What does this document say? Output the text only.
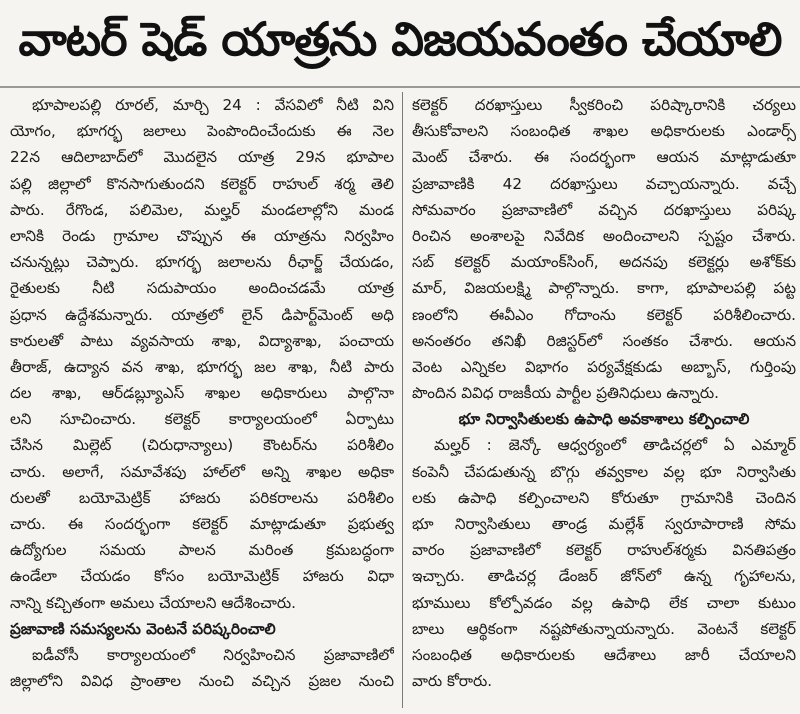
వాటర్ షెడ్ యాత్రను విజయవంతం చేయాలి
భూపాలపల్లి రూరల్, మార్చి 24 : వేసవిలో నీటి విని
యోగం, భూగర్భ జలాలు పెంపొందించేందుకు ఈ నెల
22న ఆదిలాబాద్‌లో మొదలైన యాత్ర 29న భూపాల
పల్లి జిల్లాలో కొనసాగుతుందని కలెక్టర్ రాహుల్ శర్మ తెలి
పారు. రేగొండ, పలిమెల, మల్హర్ మండలాల్లోని మండ
లానికి రెండు గ్రామాల చొప్పున ఈ యాత్రను నిర్వహిం
చనున్నట్లు చెప్పారు. భూగర్భ జలాలను రీఛార్జ్ చేయడం,
రైతులకు నీటి సదుపాయం అందించడమే యాత్ర
ప్రధాన ఉద్దేశమన్నారు. యాత్రలో లైన్ డిపార్ట్‌మెంట్ అధి
కారులతో పాటు వ్యవసాయ శాఖ, విద్యాశాఖ, పంచాయ
తీరాజ్, ఉద్యాన వన శాఖ, భూగర్భ జల శాఖ, నీటి పారు
దల శాఖ, ఆర్‌డబ్ల్యూఎస్ శాఖల అధికారులు పాల్గొనా
లని సూచించారు. కలెక్టర్ కార్యాలయంలో ఏర్పాటు
చేసిన మిల్లెట్ (చిరుధాన్యాలు) కౌంటర్‌ను పరిశీలిం
చారు. అలాగే, సమావేశపు హాల్‌లో అన్ని శాఖల అధికా
రులతో బయోమెట్రిక్ హాజరు పరికరాలను పరిశీలిం
చారు. ఈ సందర్భంగా కలెక్టర్ మాట్లాడుతూ ప్రభుత్వ
ఉద్యోగుల సమయ పాలన మరింత క్రమబద్ధంగా
ఉండేలా చేయడం కోసం బయోమెట్రిక్ హాజరు విధా
నాన్ని కచ్చితంగా అమలు చేయాలని ఆదేశించారు.
ప్రజావాణి సమస్యలను వెంటనే పరిష్కరించాలి
ఐడీవోసీ కార్యాలయంలో నిర్వహించిన ప్రజావాణిలో
జిల్లాలోని వివిధ ప్రాంతాల నుంచి వచ్చిన ప్రజల నుంచి
కలెక్టర్ దరఖాస్తులు స్వీకరించి పరిష్కారానికి చర్యలు
తీసుకోవాలని సంబంధిత శాఖల అధికారులకు ఎండార్స్
మెంట్ చేశారు. ఈ సందర్భంగా ఆయన మాట్లాడుతూ
ప్రజావాణికి 42 దరఖాస్తులు వచ్చాయన్నారు. వచ్చే
సోమవారం ప్రజావాణిలో వచ్చిన దరఖాస్తులు పరిష్క
రించిన అంశాలపై నివేదిక అందించాలని స్పష్టం చేశారు.
సబ్ కలెక్టర్ మయాంక్‌సింగ్, అదనపు కలెక్టర్లు అశోక్‌కు
మార్, విజయలక్ష్మి పాల్గొన్నారు. కాగా, భూపాలపల్లి పట్ట
ణంలోని ఈవీఎం గోదాంను కలెక్టర్ పరిశీలించారు.
అనంతరం తనిఖీ రిజిస్టర్‌లో సంతకం చేశారు. ఆయన
వెంట ఎన్నికల విభాగం పర్యవేక్షకుడు అబ్బాస్, గుర్తింపు
పొందిన వివిధ రాజకీయ పార్టీల ప్రతినిధులు ఉన్నారు.
భూ నిర్వాసితులకు ఉపాధి అవకాశాలు కల్పించాలి
మల్హర్ : జెన్కో ఆధ్వర్యంలో తాడిచర్లలో ఏ ఎమ్మార్
కంపెనీ చేపడుతున్న బొగ్గు తవ్వకాల వల్ల భూ నిర్వాసితు
లకు ఉపాధి కల్పించాలని కోరుతూ గ్రామానికి చెందిన
భూ నిర్వాసితులు తాండ్ర మల్లేశ్ స్వరూపారాణి సోమ
వారం ప్రజావాణిలో కలెక్టర్ రాహుల్‌శర్మకు వినతిపత్రం
ఇచ్చారు. తాడిచర్ల డేంజర్ జోన్‌లో ఉన్న గృహాలను,
భూములు కోల్పోవడం వల్ల ఉపాధి లేక చాలా కుటుం
బాలు ఆర్థికంగా నష్టపోతున్నాయన్నారు. వెంటనే కలెక్టర్
సంబంధిత అధికారులకు ఆదేశాలు జారీ చేయాలని
వారు కోరారు.
